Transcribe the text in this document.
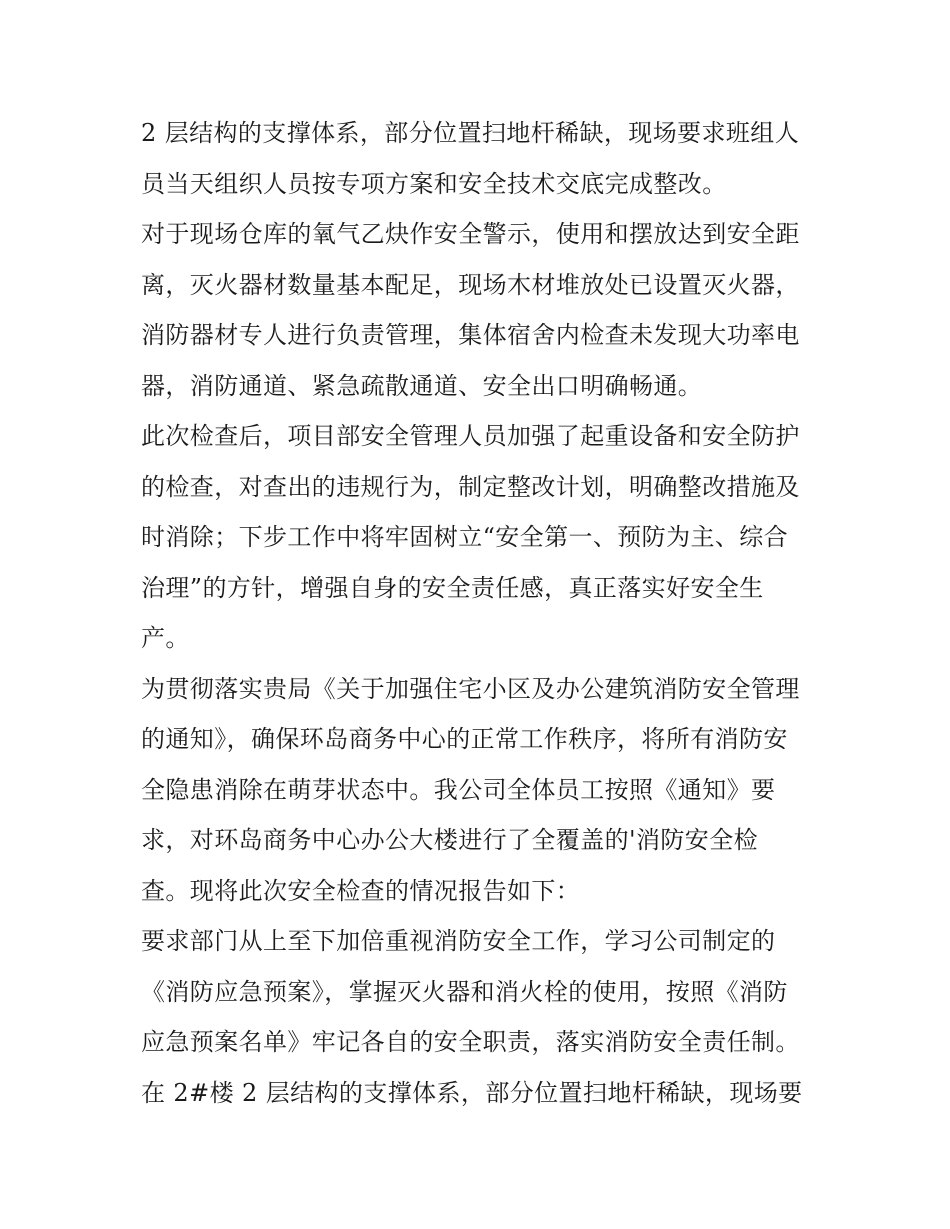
2 层结构的支撑体系，部分位置扫地杆稀缺，现场要求班组人
员当天组织人员按专项方案和安全技术交底完成整改。
对于现场仓库的氧气乙炔作安全警示，使用和摆放达到安全距
离，灭火器材数量基本配足，现场木材堆放处已设置灭火器，
消防器材专人进行负责管理，集体宿舍内检查未发现大功率电
器，消防通道、紧急疏散通道、安全出口明确畅通。
此次检查后，项目部安全管理人员加强了起重设备和安全防护
的检查，对查出的违规行为，制定整改计划，明确整改措施及
时消除；下步工作中将牢固树立“安全第一、预防为主、综合
治理”的方针，增强自身的安全责任感，真正落实好安全生
产。
为贯彻落实贵局《关于加强住宅小区及办公建筑消防安全管理
的通知》，确保环岛商务中心的正常工作秩序，将所有消防安
全隐患消除在萌芽状态中。我公司全体员工按照《通知》要
求，对环岛商务中心办公大楼进行了全覆盖的'消防安全检
查。现将此次安全检查的情况报告如下：
要求部门从上至下加倍重视消防安全工作，学习公司制定的
《消防应急预案》，掌握灭火器和消火栓的使用，按照《消防
应急预案名单》牢记各自的安全职责，落实消防安全责任制。
在 2#楼 2 层结构的支撑体系，部分位置扫地杆稀缺，现场要
